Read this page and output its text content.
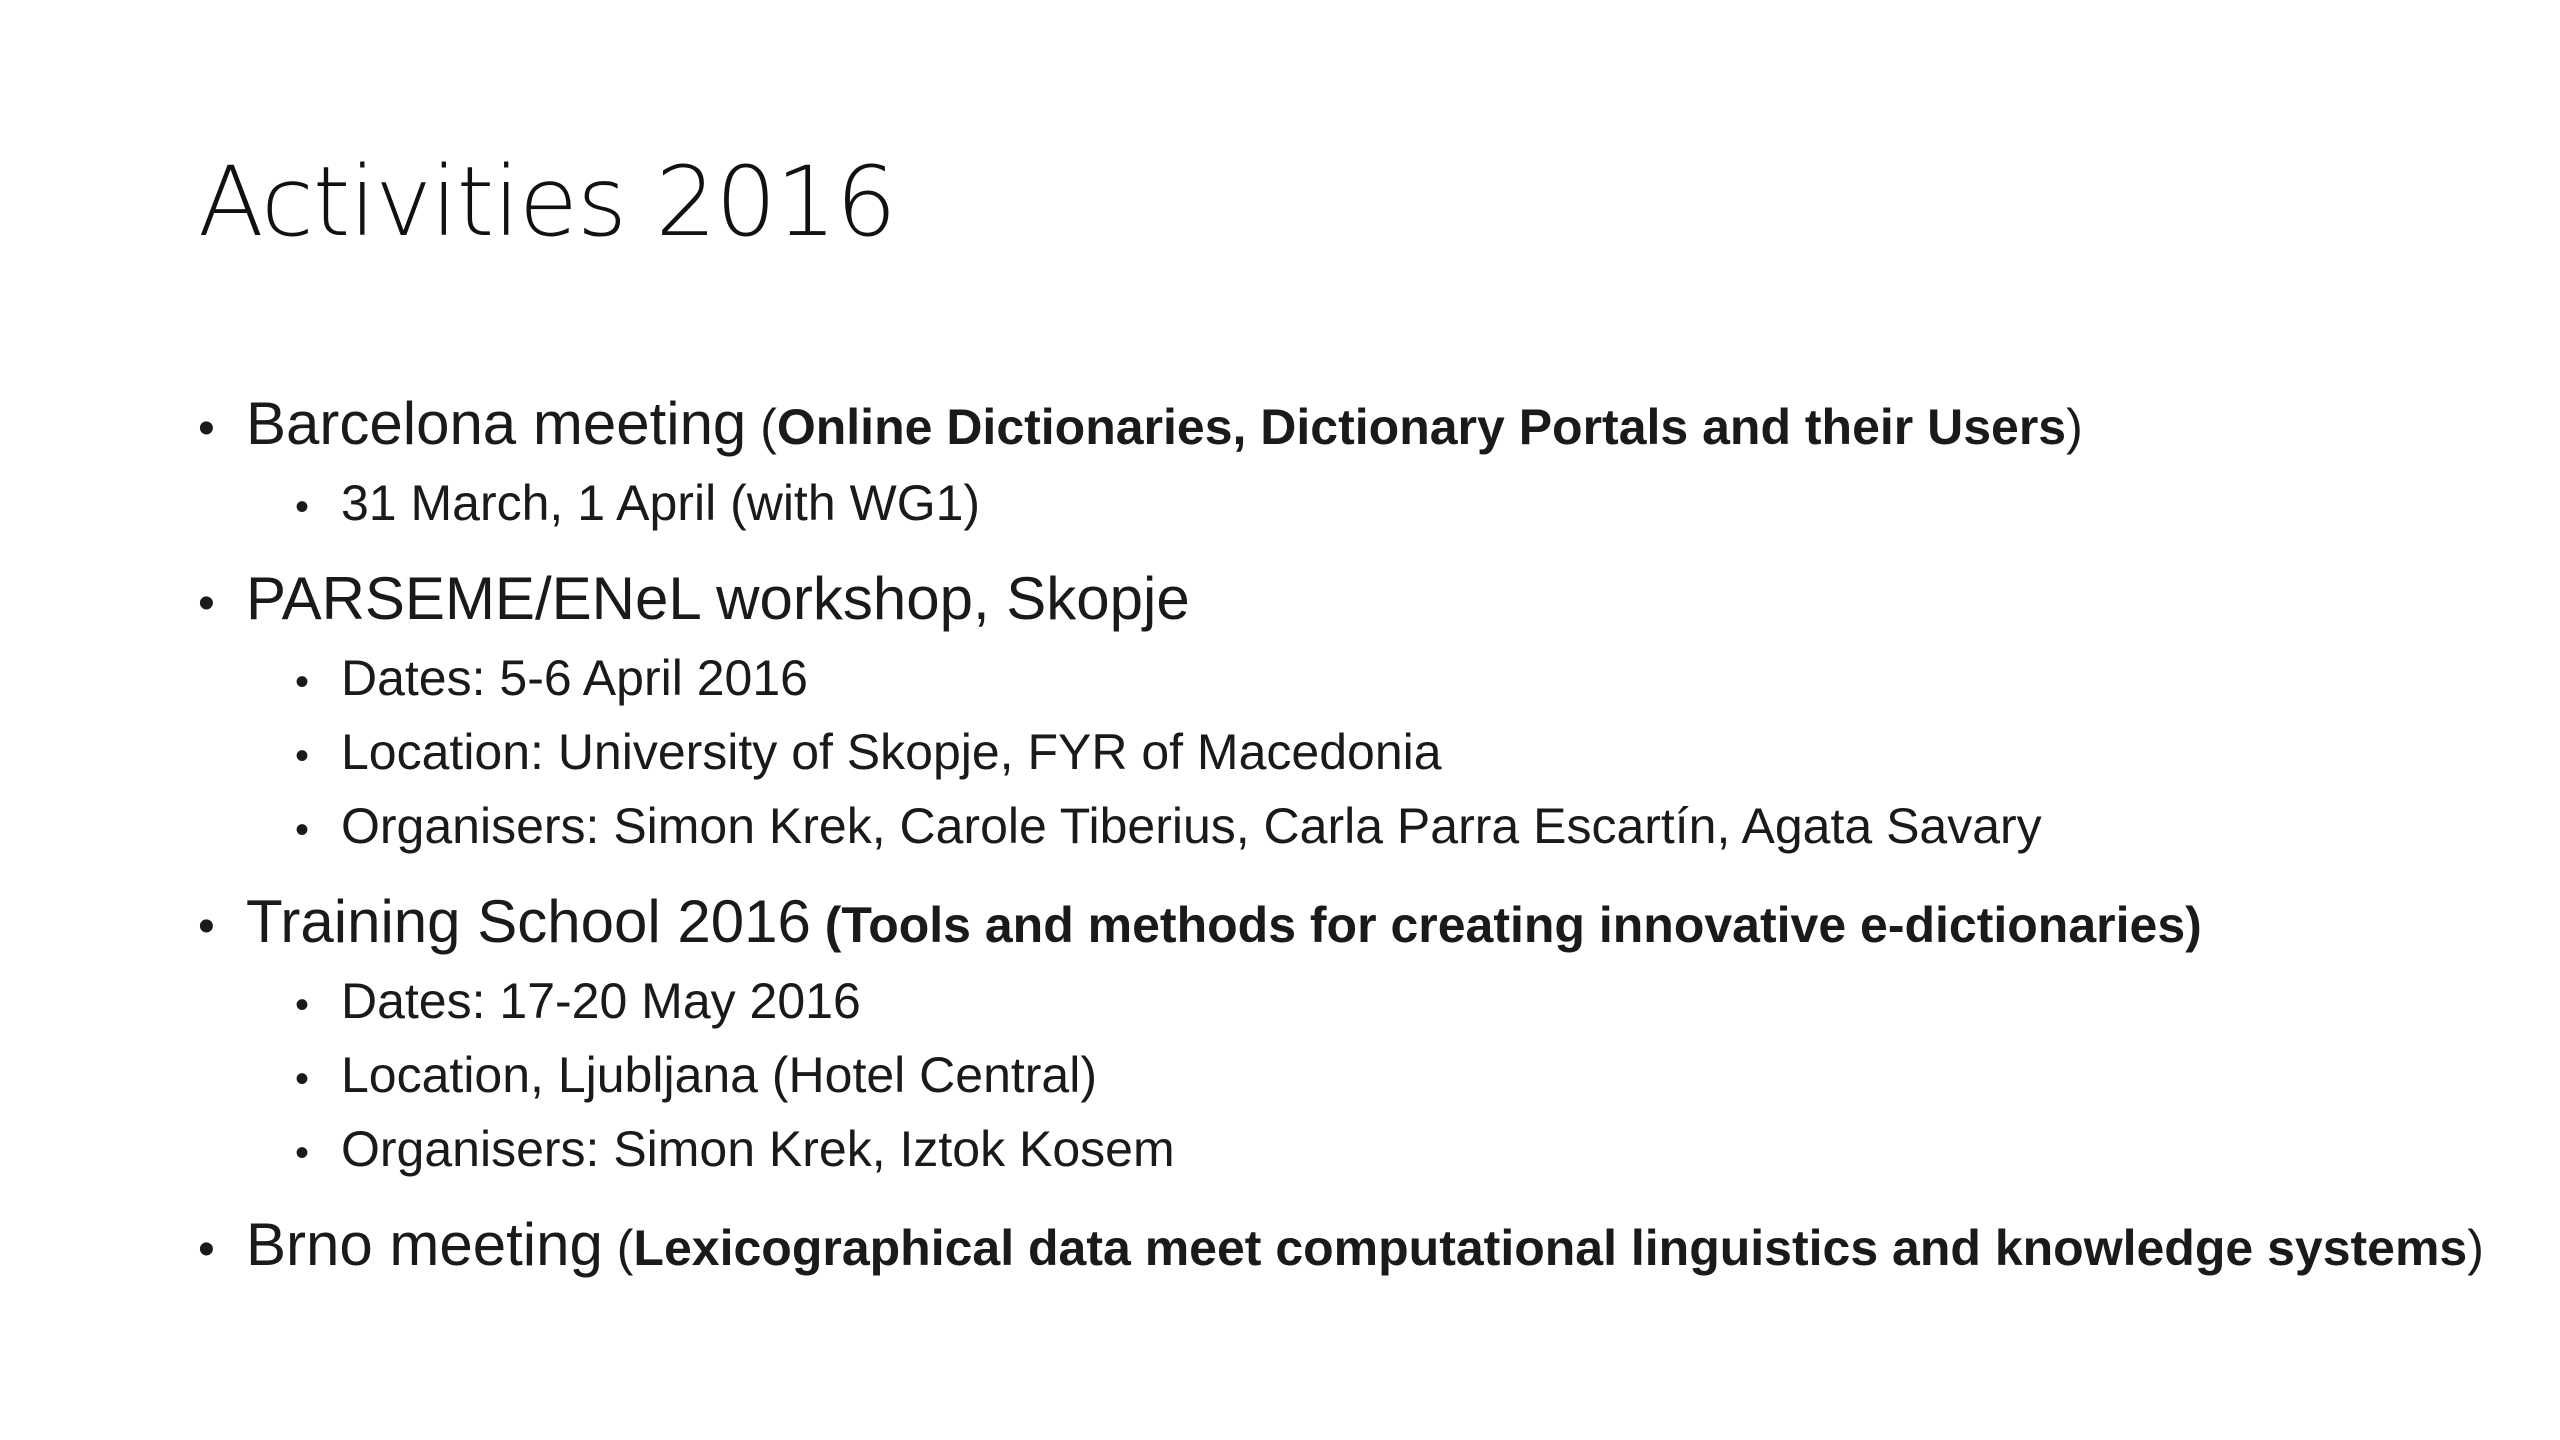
Activities 2016
• Barcelona meeting (Online Dictionaries, Dictionary Portals and their Users)
• 31 March, 1 April (with WG1)
• PARSEME/ENeL workshop, Skopje
• Dates: 5-6 April 2016
• Location: University of Skopje, FYR of Macedonia
• Organisers: Simon Krek, Carole Tiberius, Carla Parra Escartín, Agata Savary
• Training School 2016 (Tools and methods for creating innovative e-dictionaries)
• Dates: 17-20 May 2016
• Location, Ljubljana (Hotel Central)
• Organisers: Simon Krek, Iztok Kosem
• Brno meeting (Lexicographical data meet computational linguistics and knowledge systems)
